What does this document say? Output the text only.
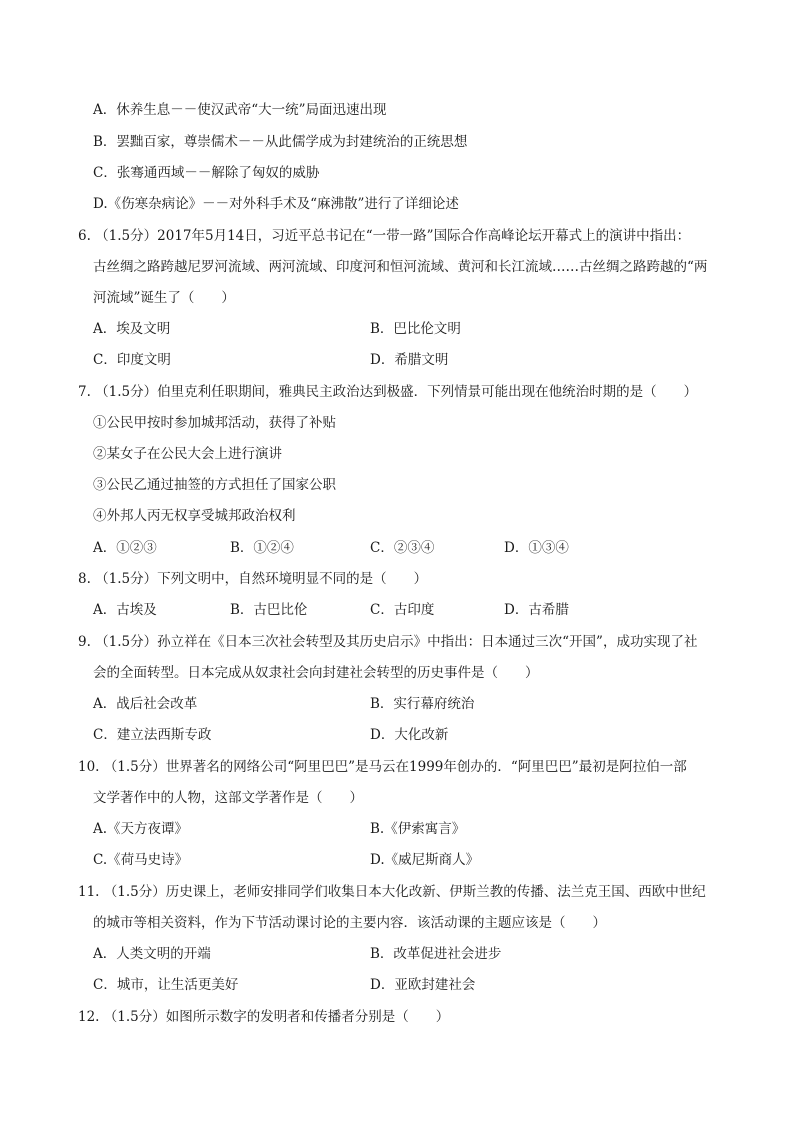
A．休养生息－－使汉武帝“大一统”局面迅速出现
B．罢黜百家，尊崇儒术－－从此儒学成为封建统治的正统思想
C．张骞通西域－－解除了匈奴的威胁
D.《伤寒杂病论》－－对外科手术及“麻沸散”进行了详细论述
6. （1.5分）2017年5月14日，习近平总书记在“一带一路”国际合作高峰论坛开幕式上的演讲中指出：
古丝绸之路跨越尼罗河流域、两河流域、印度河和恒河流域、黄河和长江流域……古丝绸之路跨越的“两
河流域”诞生了（　　）
A．埃及文明	B．巴比伦文明
C．印度文明	D．希腊文明
7. （1.5分）伯里克利任职期间，雅典民主政治达到极盛．下列情景可能出现在他统治时期的是（　　）
①公民甲按时参加城邦活动，获得了补贴
②某女子在公民大会上进行演讲
③公民乙通过抽签的方式担任了国家公职
④外邦人丙无权享受城邦政治权利
A．①②③	B．①②④	C．②③④	D．①③④
8. （1.5分）下列文明中，自然环境明显不同的是（　　）
A．古埃及	B．古巴比伦	C．古印度	D．古希腊
9. （1.5分）孙立祥在《日本三次社会转型及其历史启示》中指出：日本通过三次“开国”，成功实现了社
会的全面转型。日本完成从奴隶社会向封建社会转型的历史事件是（　　）
A．战后社会改革	B．实行幕府统治
C．建立法西斯专政	D．大化改新
10. （1.5分）世界著名的网络公司“阿里巴巴”是马云在1999年创办的．“阿里巴巴”最初是阿拉伯一部
文学著作中的人物，这部文学著作是（　　）
A.《天方夜谭》	B.《伊索寓言》
C.《荷马史诗》	D.《威尼斯商人》
11. （1.5分）历史课上，老师安排同学们收集日本大化改新、伊斯兰教的传播、法兰克王国、西欧中世纪
的城市等相关资料，作为下节活动课讨论的主要内容．该活动课的主题应该是（　　）
A．人类文明的开端	B．改革促进社会进步
C．城市，让生活更美好	D．亚欧封建社会
12. （1.5分）如图所示数字的发明者和传播者分别是（　　）
